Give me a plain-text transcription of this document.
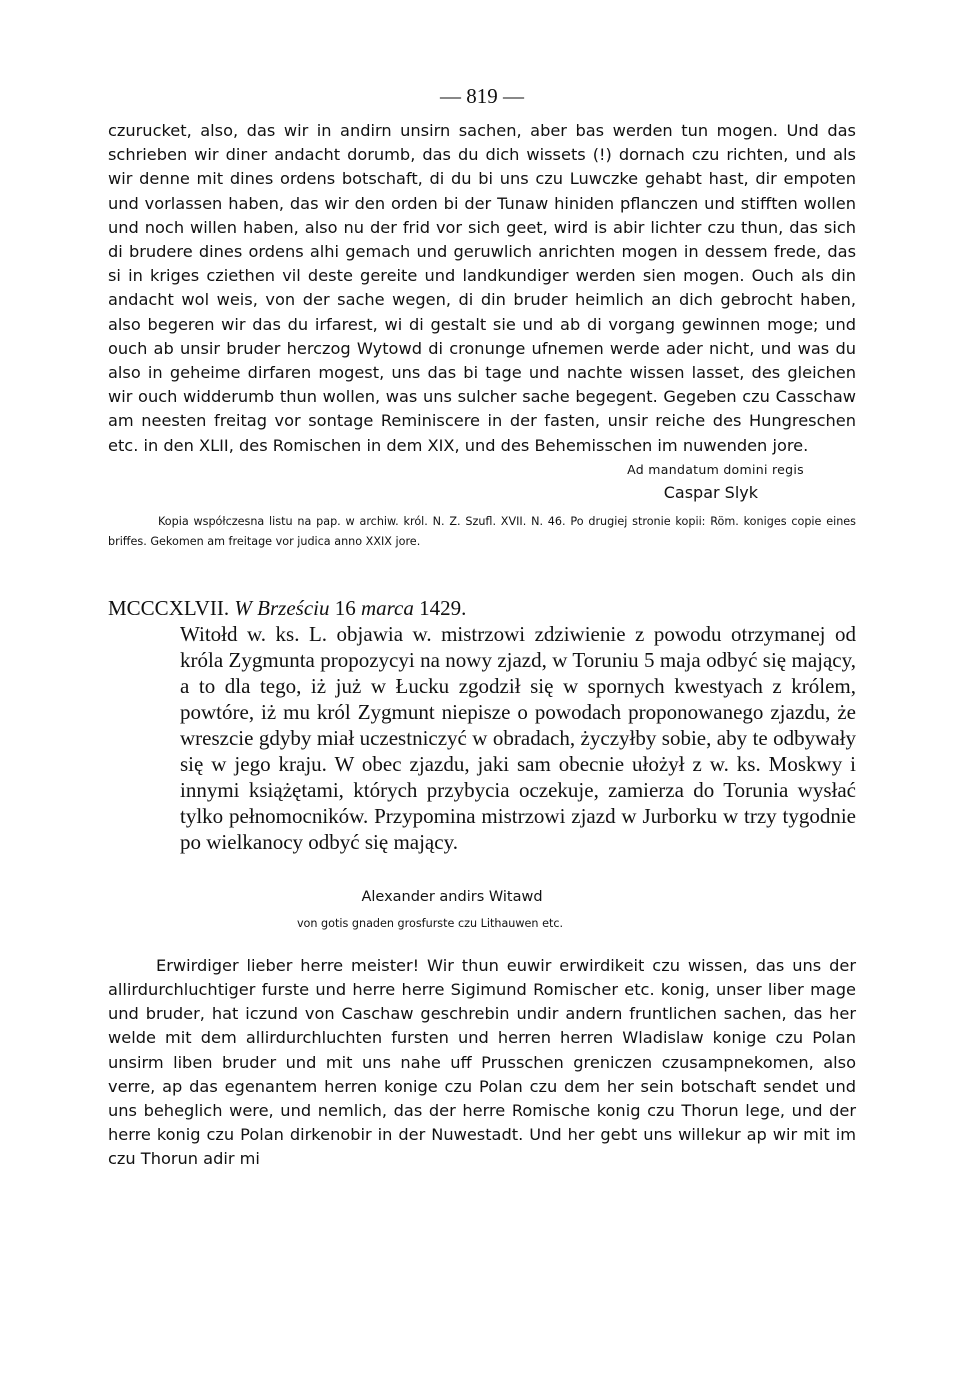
— 819 —

czurucket, also, das wir in andirn unsirn sachen, aber bas werden tun mogen. Und das schrieben wir diner andacht dorumb, das du dich wissets (!) dornach czu richten, und als wir denne mit dines ordens botschaft, di du bi uns czu Luwczke gehabt hast, dir empoten und vorlassen haben, das wir den orden bi der Tunaw hiniden pflanczen und stifften wollen und noch willen haben, also nu der frid vor sich geet, wird is abir lichter czu thun, das sich di brudere dines ordens alhi gemach und geruwlich anrichten mogen in dessem frede, das si in kriges cziethen vil deste gereite und landkundiger werden sien mogen. Ouch als din andacht wol weis, von der sache wegen, di din bruder heimlich an dich gebrocht haben, also begeren wir das du irfarest, wi di gestalt sie und ab di vorgang gewinnen moge; und ouch ab unsir bruder herczog Wytowd di cronunge ufnemen werde ader nicht, und was du also in geheime dirfaren mogest, uns das bi tage und nachte wissen lasset, des gleichen wir ouch widderumb thun wollen, was uns sulcher sache begegent. Gegeben czu Casschaw am neesten freitag vor sontage Reminiscere in der fasten, unsir reiche des Hungreschen etc. in den XLII, des Romischen in dem XIX, und des Behemisschen im nuwenden jore.

Ad mandatum domini regis
Caspar Slyk

Kopia współczesna listu na pap. w archiw. król. N. Z. Szufl. XVII. N. 46. Po drugiej stronie kopii: Röm. koniges copie eines briffes. Gekomen am freitage vor judica anno XXIX jore.

MCCCXLVII. W Brześciu 16 marca 1429.

Witołd w. ks. L. objawia w. mistrzowi zdziwienie z powodu otrzymanej od króla Zygmunta propozycyi na nowy zjazd, w Toruniu 5 maja odbyć się mający, a to dla tego, iż już w Łucku zgodził się w spornych kwestyach z królem, powtóre, iż mu król Zygmunt niepisze o powodach proponowanego zjazdu, że wreszcie gdyby miał uczestniczyć w obradach, życzyłby sobie, aby te odbywały się w jego kraju. W obec zjazdu, jaki sam obecnie ułożył z w. ks. Moskwy i innymi książętami, których przybycia oczekuje, zamierza do Torunia wysłać tylko pełnomocników. Przypomina mistrzowi zjazd w Jurborku w trzy tygodnie po wielkanocy odbyć się mający.

Alexander andirs Witawd
von gotis gnaden grosfurste czu Lithauwen etc.

Erwirdiger lieber herre meister! Wir thun euwir erwirdikeit czu wissen, das uns der allirdurchluchtiger furste und herre herre Sigimund Romischer etc. konig, unser liber mage und bruder, hat iczund von Caschaw geschrebin undir andern fruntlichen sachen, das her welde mit dem allirdurchluchten fursten und herren herren Wladislaw konige czu Polan unsirm liben bruder und mit uns nahe uff Prusschen greniczen czusampnekomen, also verre, ap das egenantem herren konige czu Polan czu dem her sein botschaft sendet und uns beheglich were, und nemlich, das der herre Romische konig czu Thorun lege, und der herre konig czu Polan dirkenobir in der Nuwestadt. Und her gebt uns willekur ap wir mit im czu Thorun adir mi
